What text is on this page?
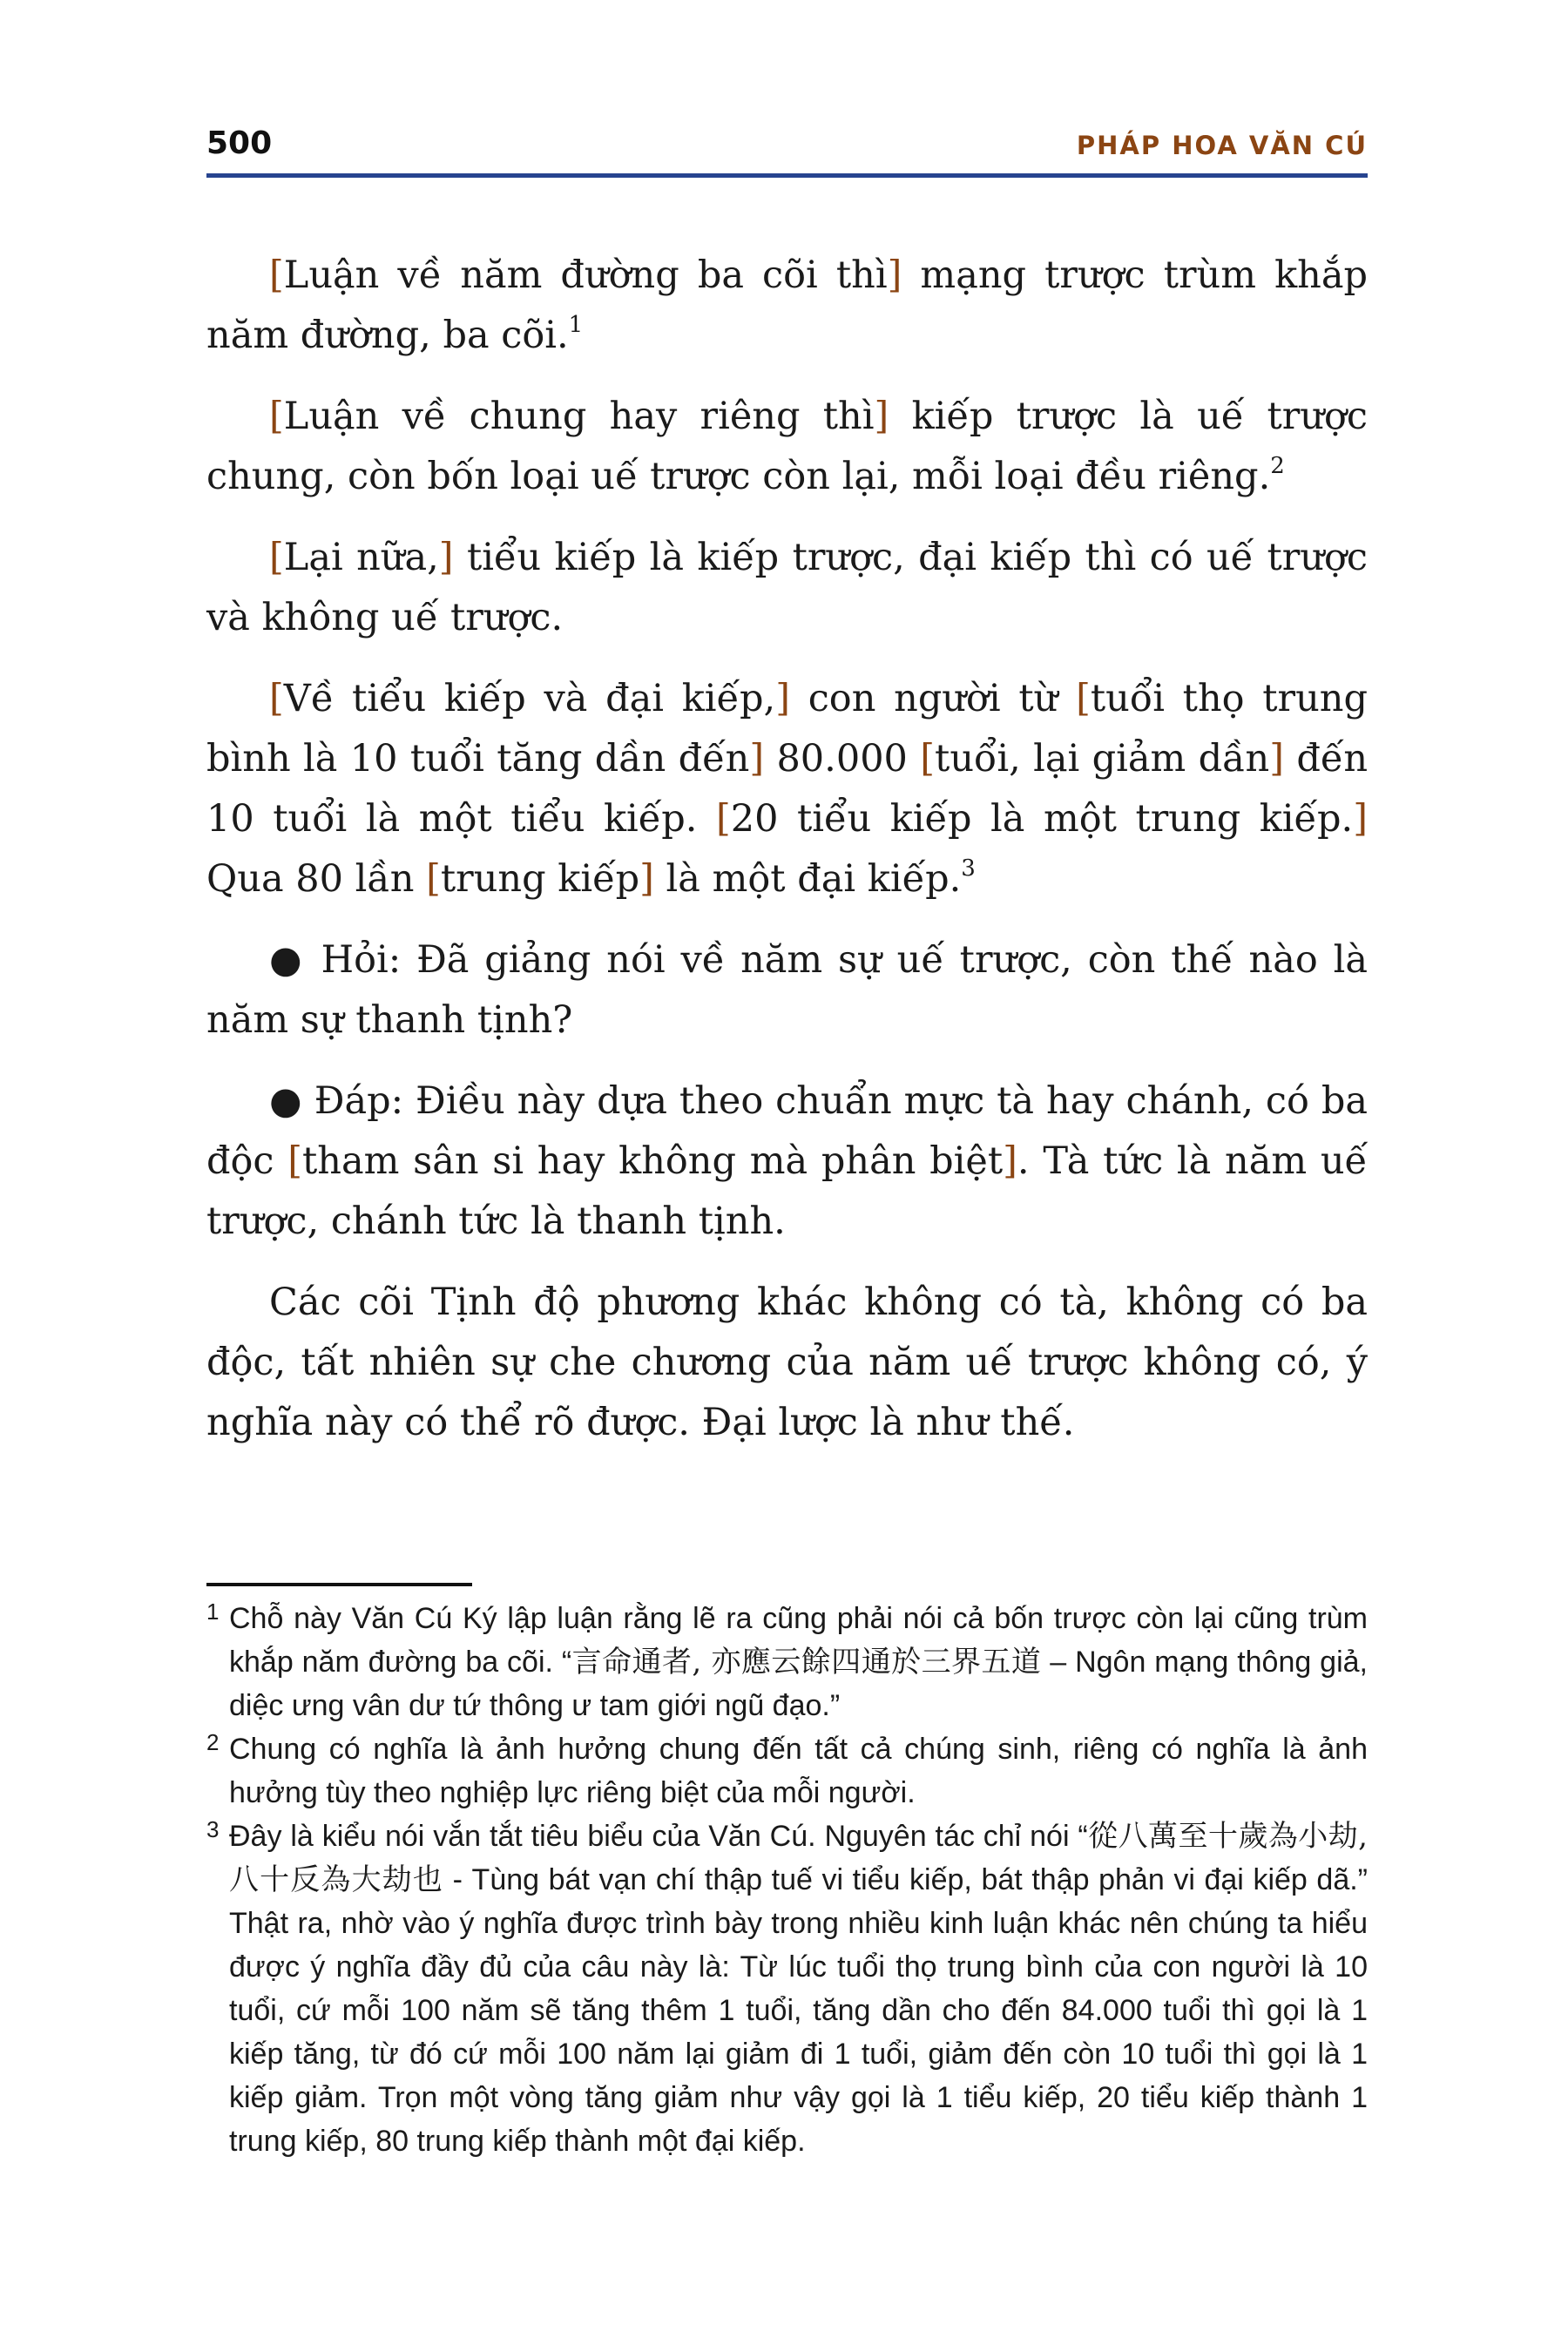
500	PHÁP HOA VĂN CÚ

[Luận về năm đường ba cõi thì] mạng trược trùm khắp năm đường, ba cõi.$^1$

[Luận về chung hay riêng thì] kiếp trược là uế trược chung, còn bốn loại uế trược còn lại, mỗi loại đều riêng.$^2$

[Lại nữa,] tiểu kiếp là kiếp trược, đại kiếp thì có uế trược và không uế trược.

[Về tiểu kiếp và đại kiếp,] con người từ [tuổi thọ trung bình là 10 tuổi tăng dần đến] 80.000 [tuổi, lại giảm dần] đến 10 tuổi là một tiểu kiếp. [20 tiểu kiếp là một trung kiếp.] Qua 80 lần [trung kiếp] là một đại kiếp.$^3$

● Hỏi: Đã giảng nói về năm sự uế trược, còn thế nào là năm sự thanh tịnh?

● Đáp: Điều này dựa theo chuẩn mực tà hay chánh, có ba độc [tham sân si hay không mà phân biệt]. Tà tức là năm uế trược, chánh tức là thanh tịnh.

Các cõi Tịnh độ phương khác không có tà, không có ba độc, tất nhiên sự che chương của năm uế trược không có, ý nghĩa này có thể rõ được. Đại lược là như thế.

1 Chỗ này Văn Cú Ký lập luận rằng lẽ ra cũng phải nói cả bốn trược còn lại cũng trùm khắp năm đường ba cõi. “言命通者, 亦應云餘四通於三界五道 – Ngôn mạng thông giả, diệc ưng vân dư tứ thông ư tam giới ngũ đạo.”

2 Chung có nghĩa là ảnh hưởng chung đến tất cả chúng sinh, riêng có nghĩa là ảnh hưởng tùy theo nghiệp lực riêng biệt của mỗi người.

3 Đây là kiểu nói vắn tắt tiêu biểu của Văn Cú. Nguyên tác chỉ nói “從八萬至十歲為小劫, 八十反為大劫也 - Tùng bát vạn chí thập tuế vi tiểu kiếp, bát thập phản vi đại kiếp dã.” Thật ra, nhờ vào ý nghĩa được trình bày trong nhiều kinh luận khác nên chúng ta hiểu được ý nghĩa đầy đủ của câu này là: Từ lúc tuổi thọ trung bình của con người là 10 tuổi, cứ mỗi 100 năm sẽ tăng thêm 1 tuổi, tăng dần cho đến 84.000 tuổi thì gọi là 1 kiếp tăng, từ đó cứ mỗi 100 năm lại giảm đi 1 tuổi, giảm đến còn 10 tuổi thì gọi là 1 kiếp giảm. Trọn một vòng tăng giảm như vậy gọi là 1 tiểu kiếp, 20 tiểu kiếp thành 1 trung kiếp, 80 trung kiếp thành một đại kiếp.
